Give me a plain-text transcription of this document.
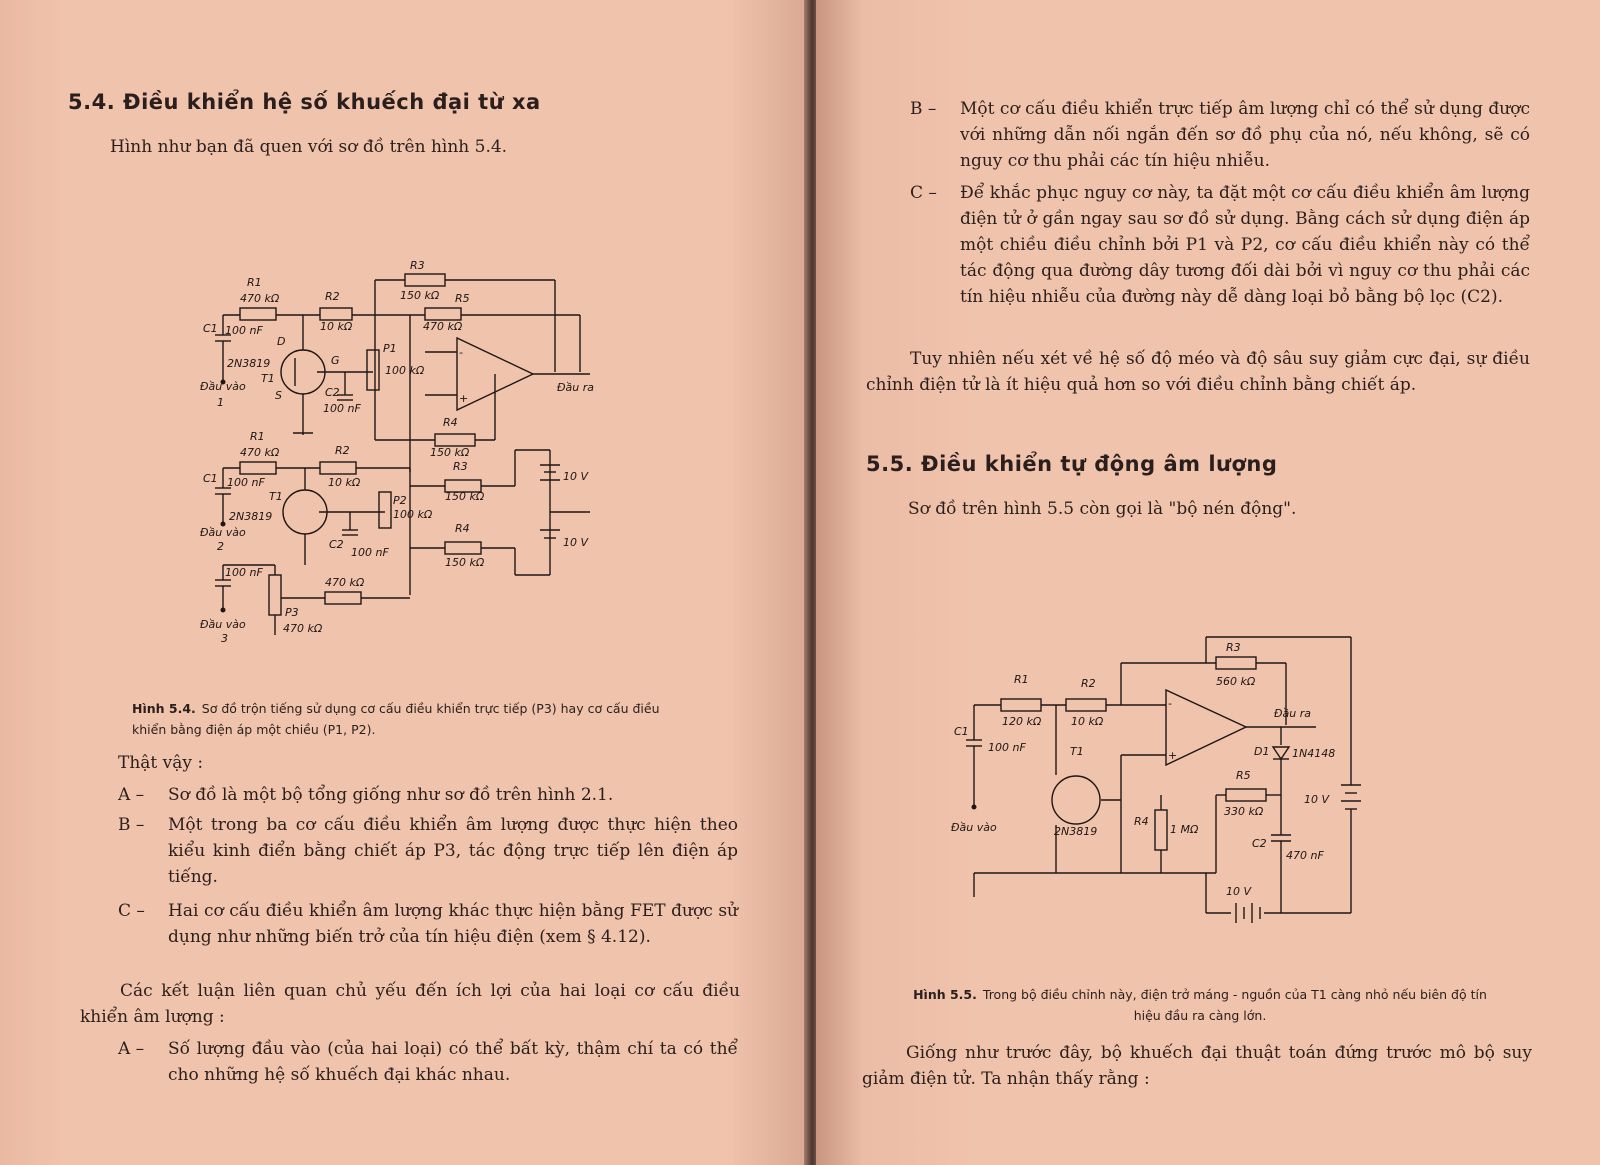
5.4. Điều khiển hệ số khuếch đại từ xa

Hình như bạn đã quen với sơ đồ trên hình 5.4.

R1
470 kΩ	R2
10 kΩ
R3
150 kΩ R5
470 kΩ
C1 100 nF
D
2N3819
T1
G
S	C2
100 nF
P1
100 kΩ
Đầu vào
1
-
+
Đầu ra
R4
150 kΩ
R1
470 kΩ	R2
10 kΩ
C1 100 nF
T1
2N3819
P2
100 kΩ
C2
100 nF
Đầu vào
2
R3
150 kΩ
R4
150 kΩ
10 V
10 V
100 nF
470 kΩ
P3
470 kΩ
Đầu vào
3
Hình 5.4. Sơ đồ trộn tiếng sử dụng cơ cấu điều khiển trực tiếp (P3) hay cơ cấu điều khiển bằng điện áp một chiều (P1, P2).

Thật vậy :

A – Sơ đồ là một bộ tổng giống như sơ đồ trên hình 2.1.
B – Một trong ba cơ cấu điều khiển âm lượng được thực hiện theo kiểu kinh điển bằng chiết áp P3, tác động trực tiếp lên điện áp tiếng.
C – Hai cơ cấu điều khiển âm lượng khác thực hiện bằng FET được sử dụng như những biến trở của tín hiệu điện (xem § 4.12).

Các kết luận liên quan chủ yếu đến ích lợi của hai loại cơ cấu điều khiển âm lượng :

A – Số lượng đầu vào (của hai loại) có thể bất kỳ, thậm chí ta có thể cho những hệ số khuếch đại khác nhau.
B – Một cơ cấu điều khiển trực tiếp âm lượng chỉ có thể sử dụng được với những dẫn nối ngắn đến sơ đồ phụ của nó, nếu không, sẽ có nguy cơ thu phải các tín hiệu nhiễu.
C – Để khắc phục nguy cơ này, ta đặt một cơ cấu điều khiển âm lượng điện tử ở gần ngay sau sơ đồ sử dụng. Bằng cách sử dụng điện áp một chiều điều chỉnh bởi P1 và P2, cơ cấu điều khiển này có thể tác động qua đường dây tương đối dài bởi vì nguy cơ thu phải các tín hiệu nhiễu của đường này dễ dàng loại bỏ bằng bộ lọc (C2).

Tuy nhiên nếu xét về hệ số độ méo và độ sâu suy giảm cực đại, sự điều chỉnh điện tử là ít hiệu quả hơn so với điều chỉnh bằng chiết áp.

5.5. Điều khiển tự động âm lượng

Sơ đồ trên hình 5.5 còn gọi là "bộ nén động".

R1
120 kΩ
R2
10 kΩ
R3
560 kΩ
C1
100 nF	T1
2N3819
Đầu vào
Đầu ra
D1 1N4148
R5
330 kΩ
R4
1 MΩ
C2
470 nF
10 V
10 V
-
+
Hình 5.5. Trong bộ điều chỉnh này, điện trở máng - nguồn của T1 càng nhỏ nếu biên độ tín hiệu đầu ra càng lớn.

Giống như trước đây, bộ khuếch đại thuật toán đứng trước mô bộ suy giảm điện tử. Ta nhận thấy rằng :
